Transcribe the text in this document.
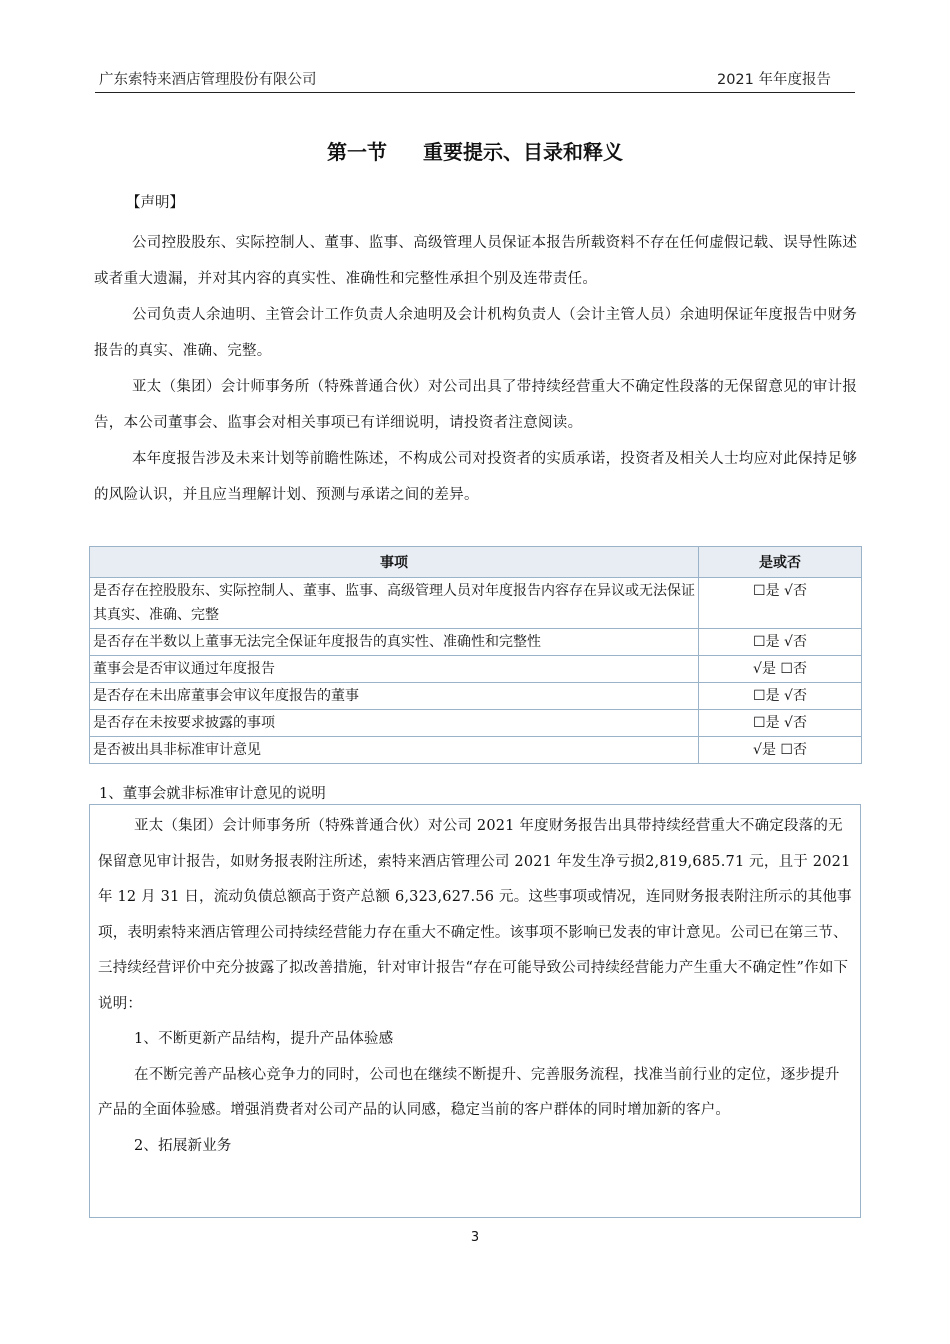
广东索特来酒店管理股份有限公司	2021 年年度报告
第一节 重要提示、目录和释义
【声明】

公司控股股东、实际控制人、董事、监事、高级管理人员保证本报告所载资料不存在任何虚假记载、误导性陈述或者重大遗漏，并对其内容的真实性、准确性和完整性承担个别及连带责任。

公司负责人余迪明、主管会计工作负责人余迪明及会计机构负责人（会计主管人员）余迪明保证年度报告中财务报告的真实、准确、完整。

亚太（集团）会计师事务所（特殊普通合伙）对公司出具了带持续经营重大不确定性段落的无保留意见的审计报告，本公司董事会、监事会对相关事项已有详细说明，请投资者注意阅读。

本年度报告涉及未来计划等前瞻性陈述，不构成公司对投资者的实质承诺，投资者及相关人士均应对此保持足够的风险认识，并且应当理解计划、预测与承诺之间的差异。

事项	是或否
是否存在控股股东、实际控制人、董事、监事、高级管理人员对年度报告内容存在异议或无法保证其真实、准确、完整	☐是 √否
是否存在半数以上董事无法完全保证年度报告的真实性、准确性和完整性	☐是 √否
董事会是否审议通过年度报告	√是 ☐否
是否存在未出席董事会审议年度报告的董事	☐是 √否
是否存在未按要求披露的事项	☐是 √否
是否被出具非标准审计意见	√是 ☐否
1、董事会就非标准审计意见的说明

亚太（集团）会计师事务所（特殊普通合伙）对公司 2021 年度财务报告出具带持续经营重大不确定段落的无保留意见审计报告，如财务报表附注所述，索特来酒店管理公司 2021 年发生净亏损2,819,685.71 元，且于 2021 年 12 月 31 日，流动负债总额高于资产总额 6,323,627.56 元。这些事项或情况，连同财务报表附注所示的其他事项，表明索特来酒店管理公司持续经营能力存在重大不确定性。该事项不影响已发表的审计意见。公司已在第三节、三持续经营评价中充分披露了拟改善措施，针对审计报告“存在可能导致公司持续经营能力产生重大不确定性”作如下说明：

1、不断更新产品结构，提升产品体验感

在不断完善产品核心竞争力的同时，公司也在继续不断提升、完善服务流程，找准当前行业的定位，逐步提升产品的全面体验感。增强消费者对公司产品的认同感，稳定当前的客户群体的同时增加新的客户。

2、拓展新业务

3
